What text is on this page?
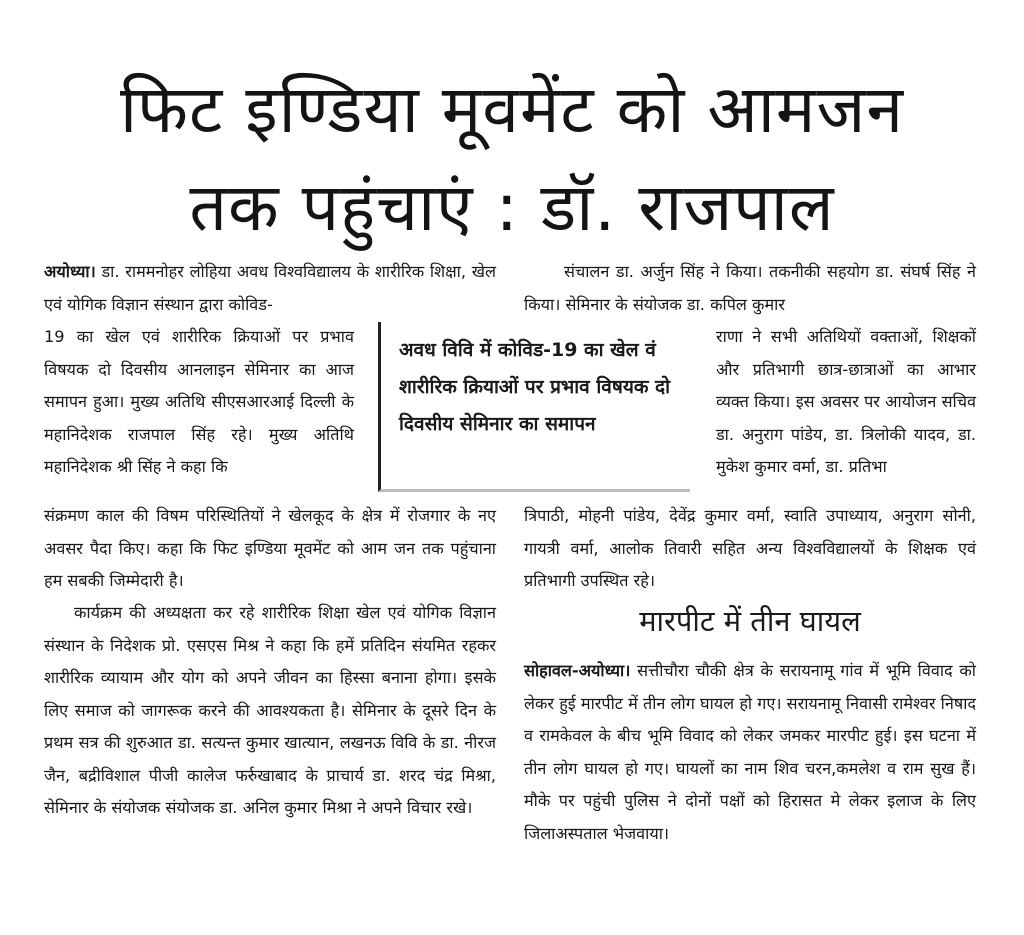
फिट इण्डिया मूवमेंट को आमजन
तक पहुंचाएं : डॉ. राजपाल
अयोध्या। डा. राममनोहर लोहिया अवध विश्वविद्यालय के शारीरिक शिक्षा, खेल एवं योगिक विज्ञान संस्थान द्वारा कोविड-
19 का खेल एवं शारीरिक क्रियाओं पर प्रभाव विषयक दो दिवसीय आनलाइन सेमिनार का आज समापन हुआ। मुख्य अतिथि सीएसआरआई दिल्ली के महानिदेशक राजपाल सिंह रहे। मुख्य अतिथि महानिदेशक श्री सिंह ने कहा कि
संक्रमण काल की विषम परिस्थितियों ने खेलकूद के क्षेत्र में रोजगार के नए अवसर पैदा किए। कहा कि फिट इण्डिया मूवमेंट को आम जन तक पहुंचाना हम सबकी जिम्मेदारी है।
कार्यक्रम की अध्यक्षता कर रहे शारीरिक शिक्षा खेल एवं योगिक विज्ञान संस्थान के निदेशक प्रो. एसएस मिश्र ने कहा कि हमें प्रतिदिन संयमित रहकर शारीरिक व्यायाम और योग को अपने जीवन का हिस्सा बनाना होगा। इसके लिए समाज को जागरूक करने की आवश्यकता है। सेमिनार के दूसरे दिन के प्रथम सत्र की शुरुआत डा. सत्यन्त कुमार खात्यान, लखनऊ विवि के डा. नीरज जैन, बद्रीविशाल पीजी कालेज फर्रुखाबाद के प्राचार्य डा. शरद चंद्र मिश्रा, सेमिनार के संयोजक संयोजक डा. अनिल कुमार मिश्रा ने अपने विचार रखे।
अवध विवि में कोविड-19 का खेल वं शारीरिक क्रियाओं पर प्रभाव विषयक दो दिवसीय सेमिनार का समापन
संचालन डा. अर्जुन सिंह ने किया। तकनीकी सहयोग डा. संघर्ष सिंह ने किया। सेमिनार के संयोजक डा. कपिल कुमार
राणा ने सभी अतिथियों वक्ताओं, शिक्षकों और प्रतिभागी छात्र-छात्राओं का आभार व्यक्त किया। इस अवसर पर आयोजन सचिव डा. अनुराग पांडेय, डा. त्रिलोकी यादव, डा. मुकेश कुमार वर्मा, डा. प्रतिभा
त्रिपाठी, मोहनी पांडेय, देवेंद्र कुमार वर्मा, स्वाति उपाध्याय, अनुराग सोनी, गायत्री वर्मा, आलोक तिवारी सहित अन्य विश्वविद्यालयों के शिक्षक एवं प्रतिभागी उपस्थित रहे।
मारपीट में तीन घायल
सोहावल-अयोध्या। सत्तीचौरा चौकी क्षेत्र के सरायनामू गांव में भूमि विवाद को लेकर हुई मारपीट में तीन लोग घायल हो गए। सरायनामू निवासी रामेश्वर निषाद व रामकेवल के बीच भूमि विवाद को लेकर जमकर मारपीट हुई। इस घटना में तीन लोग घायल हो गए। घायलों का नाम शिव चरन,कमलेश व राम सुख हैं। मौके पर पहुंची पुलिस ने दोनों पक्षों को हिरासत मे लेकर इलाज के लिए जिलाअस्पताल भेजवाया।
